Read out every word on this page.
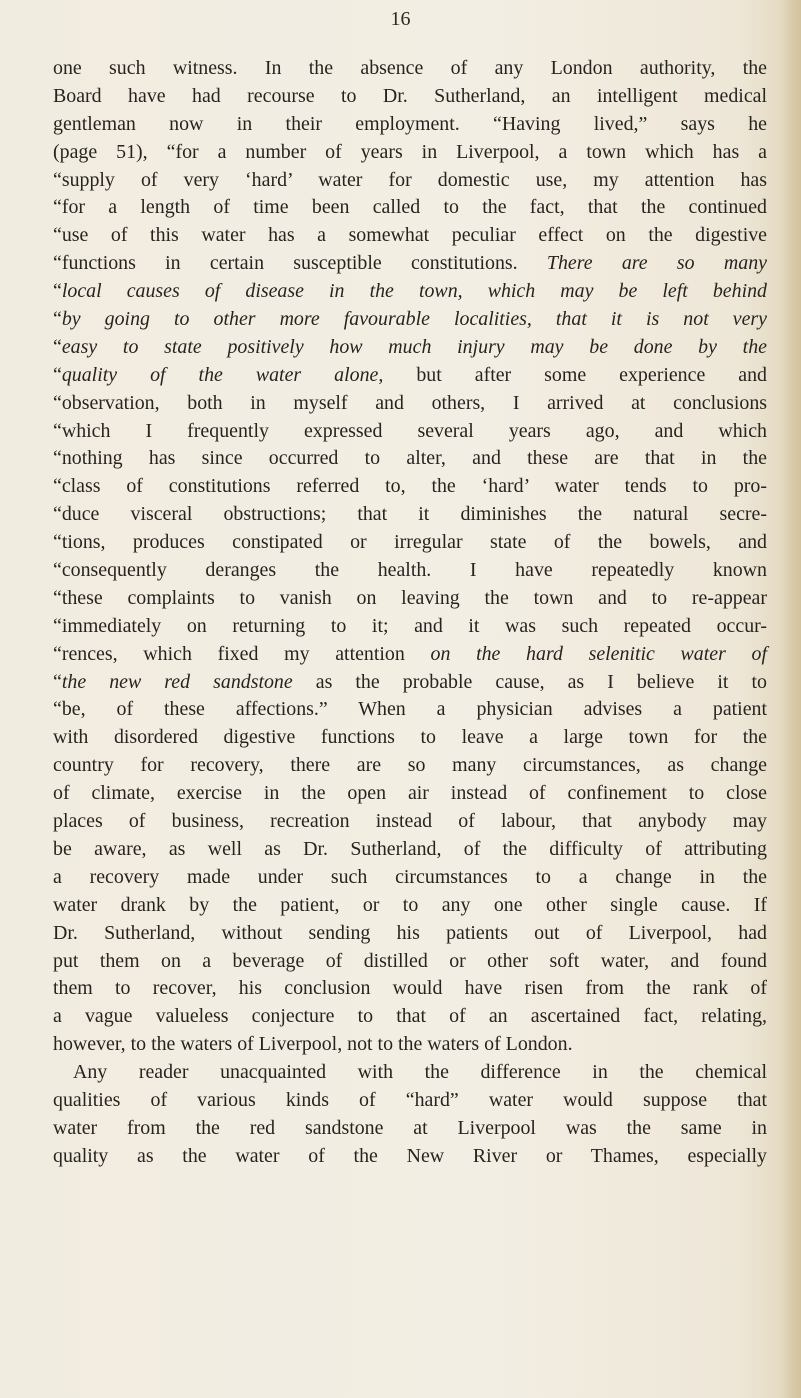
16
one such witness. In the absence of any London authority, the
Board have had recourse to Dr. Sutherland, an intelligent medical
gentleman now in their employment. “Having lived,” says he
(page 51), “for a number of years in Liverpool, a town which has a
“supply of very ‘hard’ water for domestic use, my attention has
“for a length of time been called to the fact, that the continued
“use of this water has a somewhat peculiar effect on the digestive
“functions in certain susceptible constitutions. There are so many
“local causes of disease in the town, which may be left behind
“by going to other more favourable localities, that it is not very
“easy to state positively how much injury may be done by the
“quality of the water alone, but after some experience and
“observation, both in myself and others, I arrived at conclusions
“which I frequently expressed several years ago, and which
“nothing has since occurred to alter, and these are that in the
“class of constitutions referred to, the ‘hard’ water tends to pro-
“duce visceral obstructions; that it diminishes the natural secre-
“tions, produces constipated or irregular state of the bowels, and
“consequently deranges the health. I have repeatedly known
“these complaints to vanish on leaving the town and to re-appear
“immediately on returning to it; and it was such repeated occur-
“rences, which fixed my attention on the hard selenitic water of
“the new red sandstone as the probable cause, as I believe it to
“be, of these affections.” When a physician advises a patient
with disordered digestive functions to leave a large town for the
country for recovery, there are so many circumstances, as change
of climate, exercise in the open air instead of confinement to close
places of business, recreation instead of labour, that anybody may
be aware, as well as Dr. Sutherland, of the difficulty of attributing
a recovery made under such circumstances to a change in the
water drank by the patient, or to any one other single cause. If
Dr. Sutherland, without sending his patients out of Liverpool, had
put them on a beverage of distilled or other soft water, and found
them to recover, his conclusion would have risen from the rank of
a vague valueless conjecture to that of an ascertained fact, relating,
however, to the waters of Liverpool, not to the waters of London.
Any reader unacquainted with the difference in the chemical
qualities of various kinds of “hard” water would suppose that
water from the red sandstone at Liverpool was the same in
quality as the water of the New River or Thames, especially
